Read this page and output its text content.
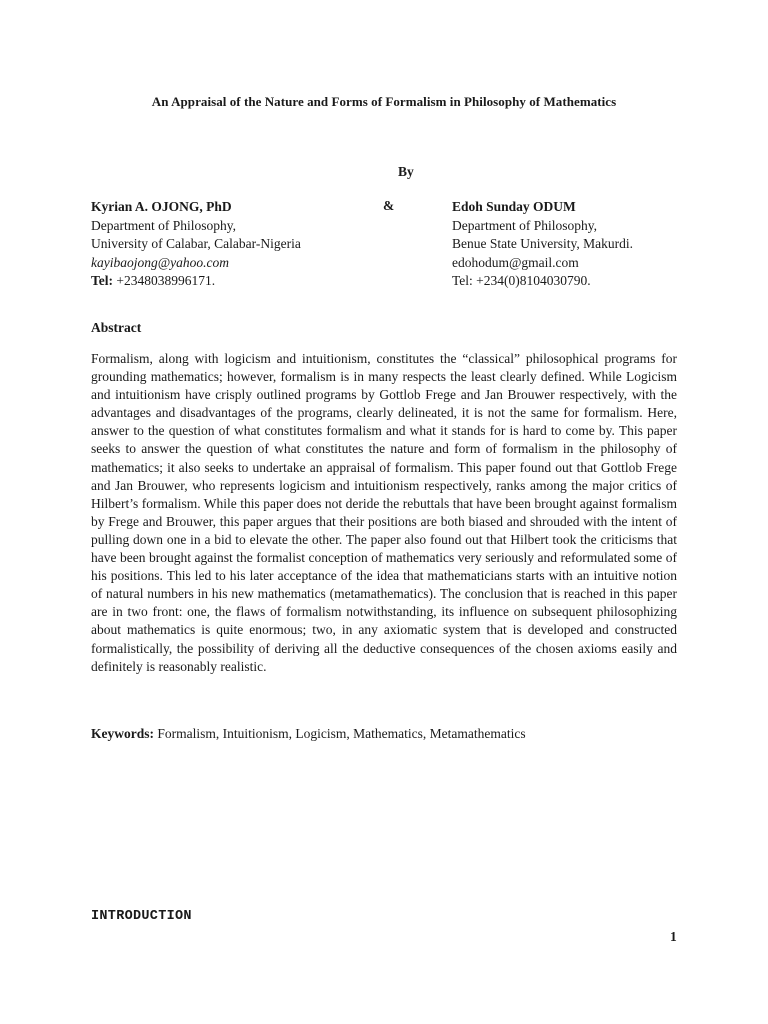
An Appraisal of the Nature and Forms of Formalism in Philosophy of Mathematics
By
Kyrian A. OJONG, PhD
Department of Philosophy,
University of Calabar, Calabar-Nigeria
kayibaojong@yahoo.com
Tel: +2348038996171.
&	Edoh Sunday ODUM
Department of Philosophy,
Benue State University, Makurdi.
edohodum@gmail.com
Tel: +234(0)8104030790.
Abstract
Formalism, along with logicism and intuitionism, constitutes the “classical” philosophical programs for grounding mathematics; however, formalism is in many respects the least clearly defined. While Logicism and intuitionism have crisply outlined programs by Gottlob Frege and Jan Brouwer respectively, with the advantages and disadvantages of the programs, clearly delineated, it is not the same for formalism. Here, answer to the question of what constitutes formalism and what it stands for is hard to come by. This paper seeks to answer the question of what constitutes the nature and form of formalism in the philosophy of mathematics; it also seeks to undertake an appraisal of formalism. This paper found out that Gottlob Frege and Jan Brouwer, who represents logicism and intuitionism respectively, ranks among the major critics of Hilbert’s formalism. While this paper does not deride the rebuttals that have been brought against formalism by Frege and Brouwer, this paper argues that their positions are both biased and shrouded with the intent of pulling down one in a bid to elevate the other. The paper also found out that Hilbert took the criticisms that have been brought against the formalist conception of mathematics very seriously and reformulated some of his positions. This led to his later acceptance of the idea that mathematicians starts with an intuitive notion of natural numbers in his new mathematics (metamathematics). The conclusion that is reached in this paper are in two front: one, the flaws of formalism notwithstanding, its influence on subsequent philosophizing about mathematics is quite enormous; two, in any axiomatic system that is developed and constructed formalistically, the possibility of deriving all the deductive consequences of the chosen axioms easily and definitely is reasonably realistic.
Keywords: Formalism, Intuitionism, Logicism, Mathematics, Metamathematics
INTRODUCTION
1
